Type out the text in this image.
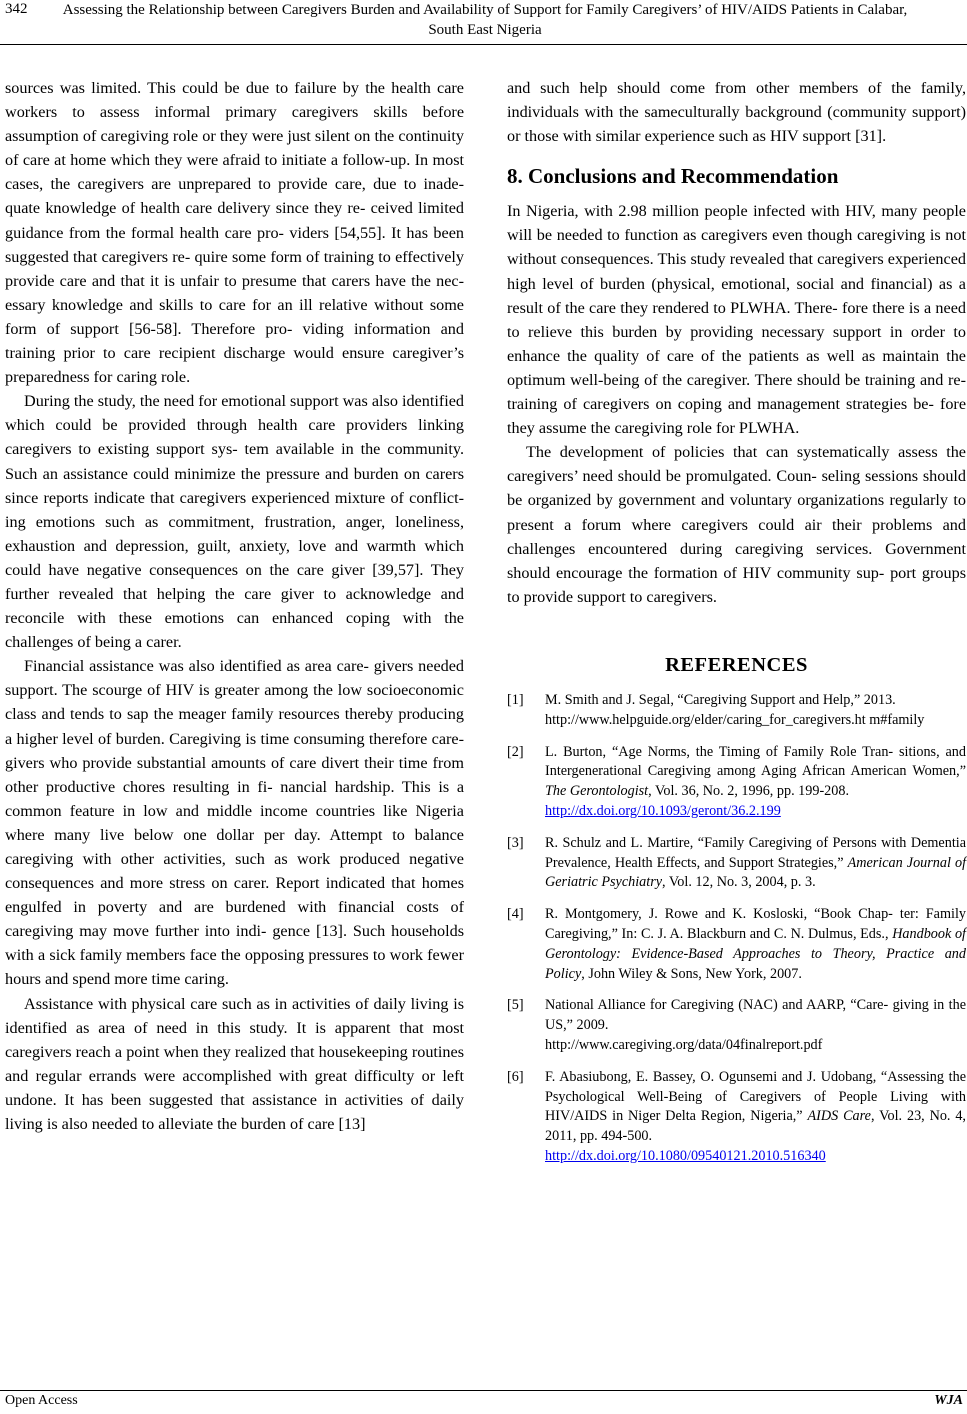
342 Assessing the Relationship between Caregivers Burden and Availability of Support for Family Caregivers’ of HIV/AIDS Patients in Calabar, South East Nigeria

sources was limited. This could be due to failure by the health care workers to assess informal primary caregivers skills before assumption of caregiving role or they were just silent on the continuity of care at home which they were afraid to initiate a follow-up. In most cases, the caregivers are unprepared to provide care, due to inade- quate knowledge of health care delivery since they re- ceived limited guidance from the formal health care pro- viders [54,55]. It has been suggested that caregivers re- quire some form of training to effectively provide care and that it is unfair to presume that carers have the nec- essary knowledge and skills to care for an ill relative without some form of support [56-58]. Therefore pro- viding information and training prior to care recipient discharge would ensure caregiver’s preparedness for caring role.

During the study, the need for emotional support was also identified which could be provided through health care providers linking caregivers to existing support sys- tem available in the community. Such an assistance could minimize the pressure and burden on carers since reports indicate that caregivers experienced mixture of conflict- ing emotions such as commitment, frustration, anger, loneliness, exhaustion and depression, guilt, anxiety, love and warmth which could have negative consequences on the care giver [39,57]. They further revealed that helping the care giver to acknowledge and reconcile with these emotions can enhanced coping with the challenges of being a carer.

Financial assistance was also identified as area care- givers needed support. The scourge of HIV is greater among the low socioeconomic class and tends to sap the meager family resources thereby producing a higher level of burden. Caregiving is time consuming therefore care- givers who provide substantial amounts of care divert their time from other productive chores resulting in fi- nancial hardship. This is a common feature in low and middle income countries like Nigeria where many live below one dollar per day. Attempt to balance caregiving with other activities, such as work produced negative consequences and more stress on carer. Report indicated that homes engulfed in poverty and are burdened with financial costs of caregiving may move further into indi- gence [13]. Such households with a sick family members face the opposing pressures to work fewer hours and spend more time caring.

Assistance with physical care such as in activities of daily living is identified as area of need in this study. It is apparent that most caregivers reach a point when they realized that housekeeping routines and regular errands were accomplished with great difficulty or left undone. It has been suggested that assistance in activities of daily living is also needed to alleviate the burden of care [13]

and such help should come from other members of the family, individuals with the sameculturally background (community support) or those with similar experience such as HIV support [31].

8. Conclusions and Recommendation

In Nigeria, with 2.98 million people infected with HIV, many people will be needed to function as caregivers even though caregiving is not without consequences. This study revealed that caregivers experienced high level of burden (physical, emotional, social and financial) as a result of the care they rendered to PLWHA. There- fore there is a need to relieve this burden by providing necessary support in order to enhance the quality of care of the patients as well as maintain the optimum well-being of the caregiver. There should be training and re-training of caregivers on coping and management strategies be- fore they assume the caregiving role for PLWHA.

The development of policies that can systematically assess the caregivers’ need should be promulgated. Coun- seling sessions should be organized by government and voluntary organizations regularly to present a forum where caregivers could air their problems and challenges encountered during caregiving services. Government should encourage the formation of HIV community sup- port groups to provide support to caregivers.

REFERENCES
[1]	M. Smith and J. Segal, “Caregiving Support and Help,” 2013.
http://www.helpguide.org/elder/caring_for_caregivers.ht m#family
[2]	L. Burton, “Age Norms, the Timing of Family Role Tran- sitions, and Intergenerational Caregiving among Aging African American Women,” The Gerontologist, Vol. 36, No. 2, 1996, pp. 199-208.
http://dx.doi.org/10.1093/geront/36.2.199
[3]	R. Schulz and L. Martire, “Family Caregiving of Persons with Dementia Prevalence, Health Effects, and Support Strategies,” American Journal of Geriatric Psychiatry, Vol. 12, No. 3, 2004, p. 3.
[4]	R. Montgomery, J. Rowe and K. Kosloski, “Book Chap- ter: Family Caregiving,” In: C. J. A. Blackburn and C. N. Dulmus, Eds., Handbook of Gerontology: Evidence-Based Approaches to Theory, Practice and Policy, John Wiley & Sons, New York, 2007.
[5]	National Alliance for Caregiving (NAC) and AARP, “Care- giving in the US,” 2009.
http://www.caregiving.org/data/04finalreport.pdf
[6]	F. Abasiubong, E. Bassey, O. Ogunsemi and J. Udobang, “Assessing the Psychological Well-Being of Caregivers of People Living with HIV/AIDS in Niger Delta Region, Nigeria,” AIDS Care, Vol. 23, No. 4, 2011, pp. 494-500.
http://dx.doi.org/10.1080/09540121.2010.516340
Open Access	WJA
